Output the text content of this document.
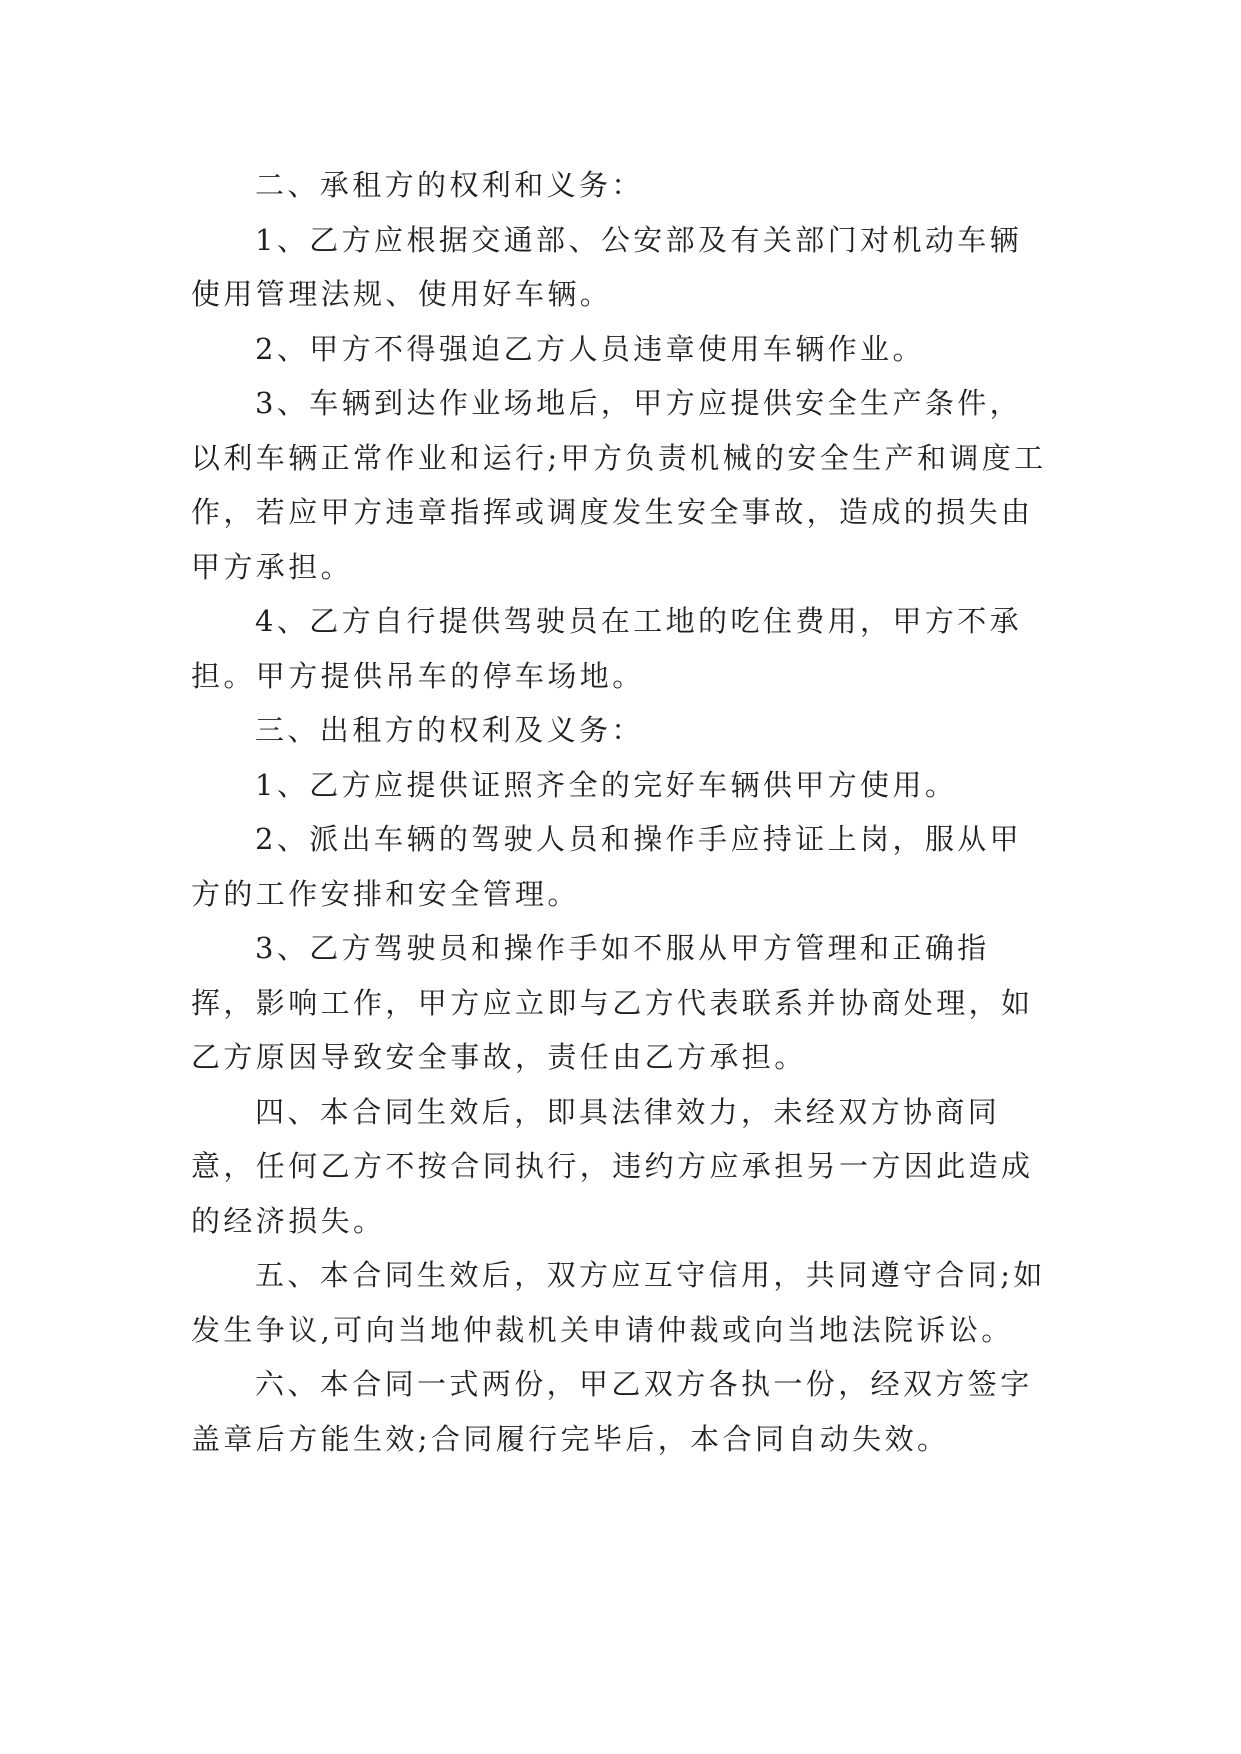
二、承租方的权利和义务：

1、乙方应根据交通部、公安部及有关部门对机动车辆使用管理法规、使用好车辆。

2、甲方不得强迫乙方人员违章使用车辆作业。

3、车辆到达作业场地后，甲方应提供安全生产条件，以利车辆正常作业和运行;甲方负责机械的安全生产和调度工作，若应甲方违章指挥或调度发生安全事故，造成的损失由甲方承担。

4、乙方自行提供驾驶员在工地的吃住费用，甲方不承担。甲方提供吊车的停车场地。

三、出租方的权利及义务：

1、乙方应提供证照齐全的完好车辆供甲方使用。

2、派出车辆的驾驶人员和操作手应持证上岗，服从甲方的工作安排和安全管理。

3、乙方驾驶员和操作手如不服从甲方管理和正确指挥，影响工作，甲方应立即与乙方代表联系并协商处理，如乙方原因导致安全事故，责任由乙方承担。

四、本合同生效后，即具法律效力，未经双方协商同意，任何乙方不按合同执行，违约方应承担另一方因此造成的经济损失。

五、本合同生效后，双方应互守信用，共同遵守合同;如发生争议,可向当地仲裁机关申请仲裁或向当地法院诉讼。

六、本合同一式两份，甲乙双方各执一份，经双方签字盖章后方能生效;合同履行完毕后，本合同自动失效。
